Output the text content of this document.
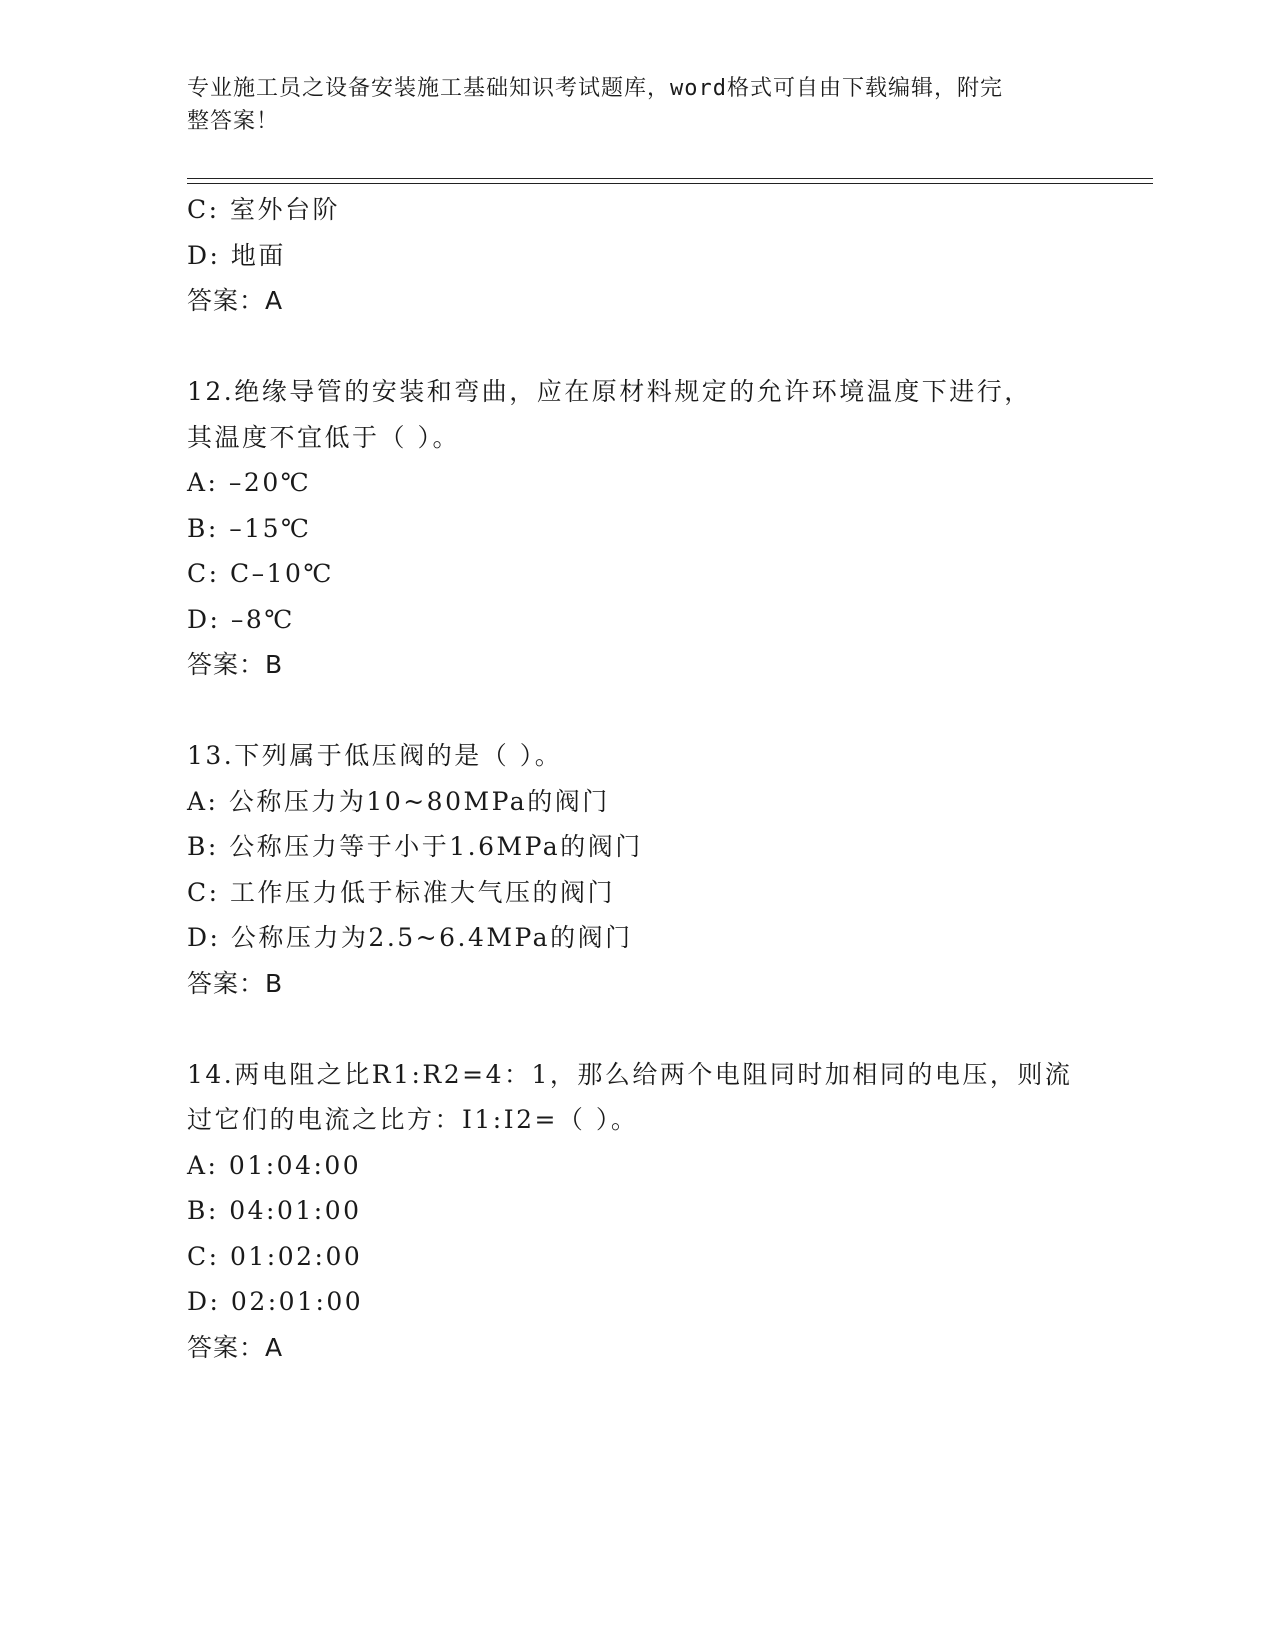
专业施工员之设备安装施工基础知识考试题库，word格式可自由下载编辑，附完
整答案！
C: 室外台阶
D: 地面
答案：A
12.绝缘导管的安装和弯曲，应在原材料规定的允许环境温度下进行，
其温度不宜低于（ ）。
A: –20℃
B: –15℃
C: C–10℃
D: –8℃
答案：B
13.下列属于低压阀的是（ ）。
A: 公称压力为10~80MPa的阀门
B: 公称压力等于小于1.6MPa的阀门
C: 工作压力低于标准大气压的阀门
D: 公称压力为2.5~6.4MPa的阀门
答案：B
14.两电阻之比R1:R2=4：1，那么给两个电阻同时加相同的电压，则流
过它们的电流之比方：I1:I2=（ ）。
A: 01:04:00
B: 04:01:00
C: 01:02:00
D: 02:01:00
答案：A
